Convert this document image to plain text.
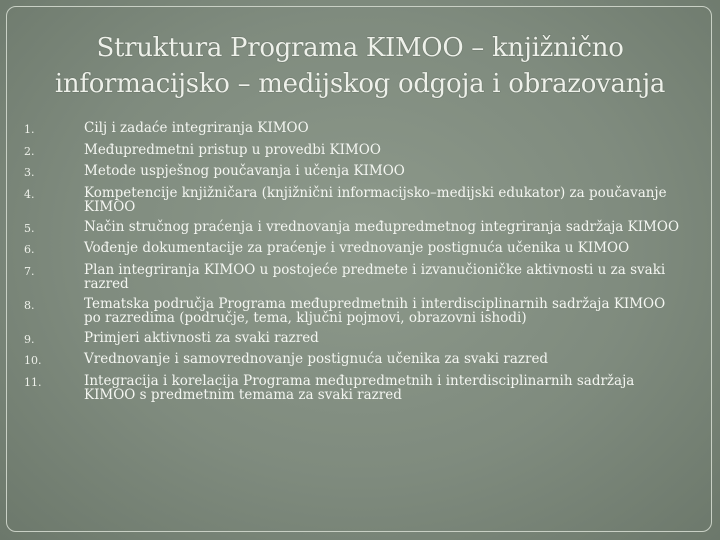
Struktura Programa KIMOO – knjižnično
informacijsko – medijskog odgoja i obrazovanja
1.	Cilj i zadaće integriranja KIMOO
2.	Međupredmetni pristup u provedbi KIMOO
3.	Metode uspješnog poučavanja i učenja KIMOO
4.	Kompetencije knjižničara (knjižnični informacijsko–medijski edukator) za poučavanje KIMOO
5.	Način stručnog praćenja i vrednovanja međupredmetnog integriranja sadržaja KIMOO
6.	Vođenje dokumentacije za praćenje i vrednovanje postignuća učenika u KIMOO
7.	Plan integriranja KIMOO u postojeće predmete i izvanučioničke aktivnosti u za svaki razred
8.	Tematska područja Programa međupredmetnih i interdisciplinarnih sadržaja KIMOO po razredima (područje, tema, ključni pojmovi, obrazovni ishodi)
9.	Primjeri aktivnosti za svaki razred
10.	Vrednovanje i samovrednovanje postignuća učenika za svaki razred
11.	Integracija i korelacija Programa međupredmetnih i interdisciplinarnih sadržaja KIMOO s predmetnim temama za svaki razred
